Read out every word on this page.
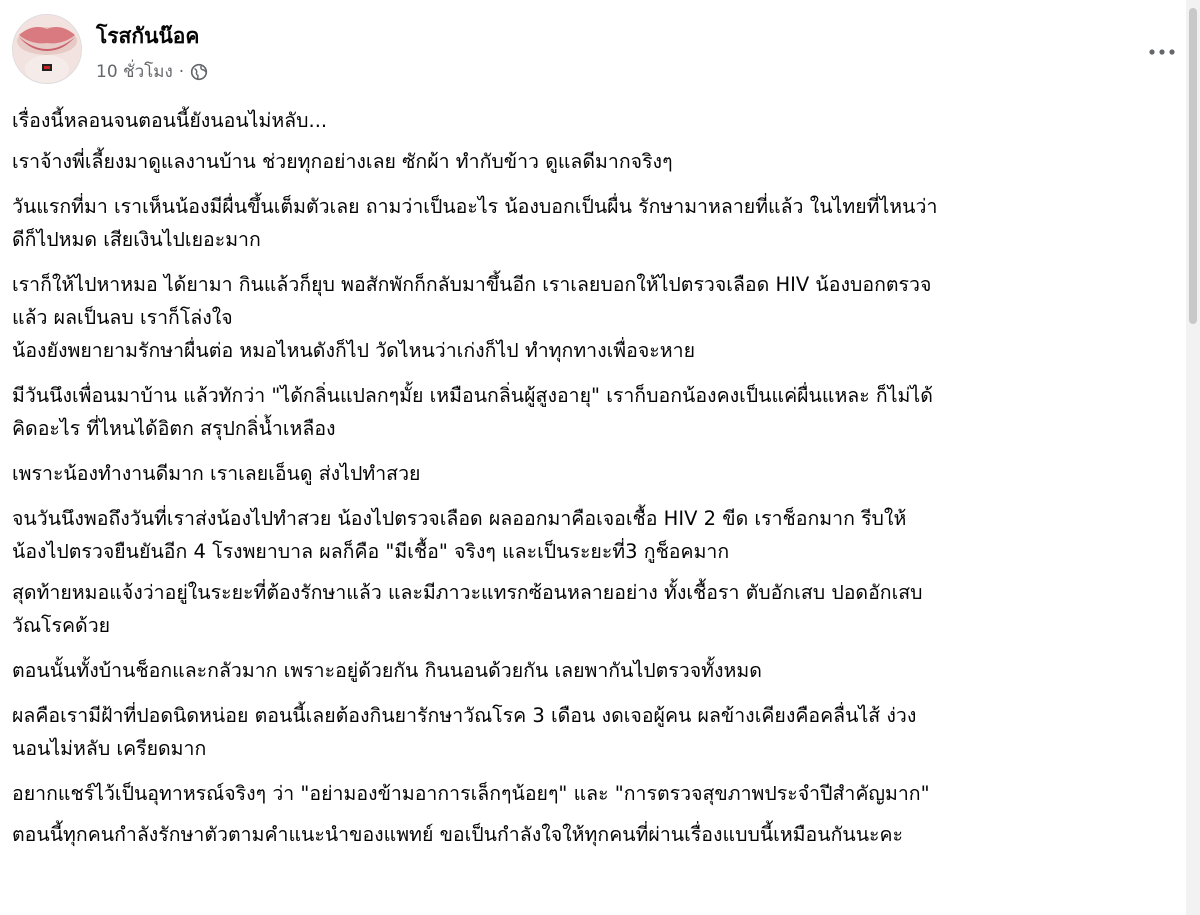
โรสกันน๊อค
10 ชั่วโมง ·

เรื่องนี้หลอนจนตอนนี้ยังนอนไม่หลับ...

เราจ้างพี่เลี้ยงมาดูแลงานบ้าน ช่วยทุกอย่างเลย ซักผ้า ทำกับข้าว ดูแลดีมากจริงๆ

วันแรกที่มา เราเห็นน้องมีผื่นขึ้นเต็มตัวเลย ถามว่าเป็นอะไร น้องบอกเป็นผื่น รักษามาหลายที่แล้ว ในไทยที่ไหนว่า
ดีก็ไปหมด เสียเงินไปเยอะมาก

เราก็ให้ไปหาหมอ ได้ยามา กินแล้วก็ยุบ พอสักพักก็กลับมาขึ้นอีก เราเลยบอกให้ไปตรวจเลือด HIV น้องบอกตรวจ
แล้ว ผลเป็นลบ เราก็โล่งใจ

น้องยังพยายามรักษาผื่นต่อ หมอไหนดังก็ไป วัดไหนว่าเก่งก็ไป ทำทุกทางเพื่อจะหาย

มีวันนึงเพื่อนมาบ้าน แล้วทักว่า "ได้กลิ่นแปลกๆมั้ย เหมือนกลิ่นผู้สูงอายุ" เราก็บอกน้องคงเป็นแค่ผื่นแหละ ก็ไม่ได้
คิดอะไร ที่ไหนได้อิตก สรุปกลิ่น้ำเหลือง

เพราะน้องทำงานดีมาก เราเลยเอ็นดู ส่งไปทำสวย

จนวันนึงพอถึงวันที่เราส่งน้องไปทำสวย น้องไปตรวจเลือด ผลออกมาคือเจอเชื้อ HIV 2 ขีด เราช็อกมาก รีบให้
น้องไปตรวจยืนยันอีก 4 โรงพยาบาล ผลก็คือ "มีเชื้อ" จริงๆ และเป็นระยะที่3 กูช็อคมาก

สุดท้ายหมอแจ้งว่าอยู่ในระยะที่ต้องรักษาแล้ว และมีภาวะแทรกซ้อนหลายอย่าง ทั้งเชื้อรา ตับอักเสบ ปอดอักเสบ
วัณโรคด้วย

ตอนนั้นทั้งบ้านช็อกและกลัวมาก เพราะอยู่ด้วยกัน กินนอนด้วยกัน เลยพากันไปตรวจทั้งหมด

ผลคือเรามีฝ้าที่ปอดนิดหน่อย ตอนนี้เลยต้องกินยารักษาวัณโรค 3 เดือน งดเจอผู้คน ผลข้างเคียงคือคลื่นไส้ ง่วง
นอนไม่หลับ เครียดมาก

อยากแชร์ไว้เป็นอุทาหรณ์จริงๆ ว่า "อย่ามองข้ามอาการเล็กๆน้อยๆ" และ "การตรวจสุขภาพประจำปีสำคัญมาก"

ตอนนี้ทุกคนกำลังรักษาตัวตามคำแนะนำของแพทย์ ขอเป็นกำลังใจให้ทุกคนที่ผ่านเรื่องแบบนี้เหมือนกันนะคะ
